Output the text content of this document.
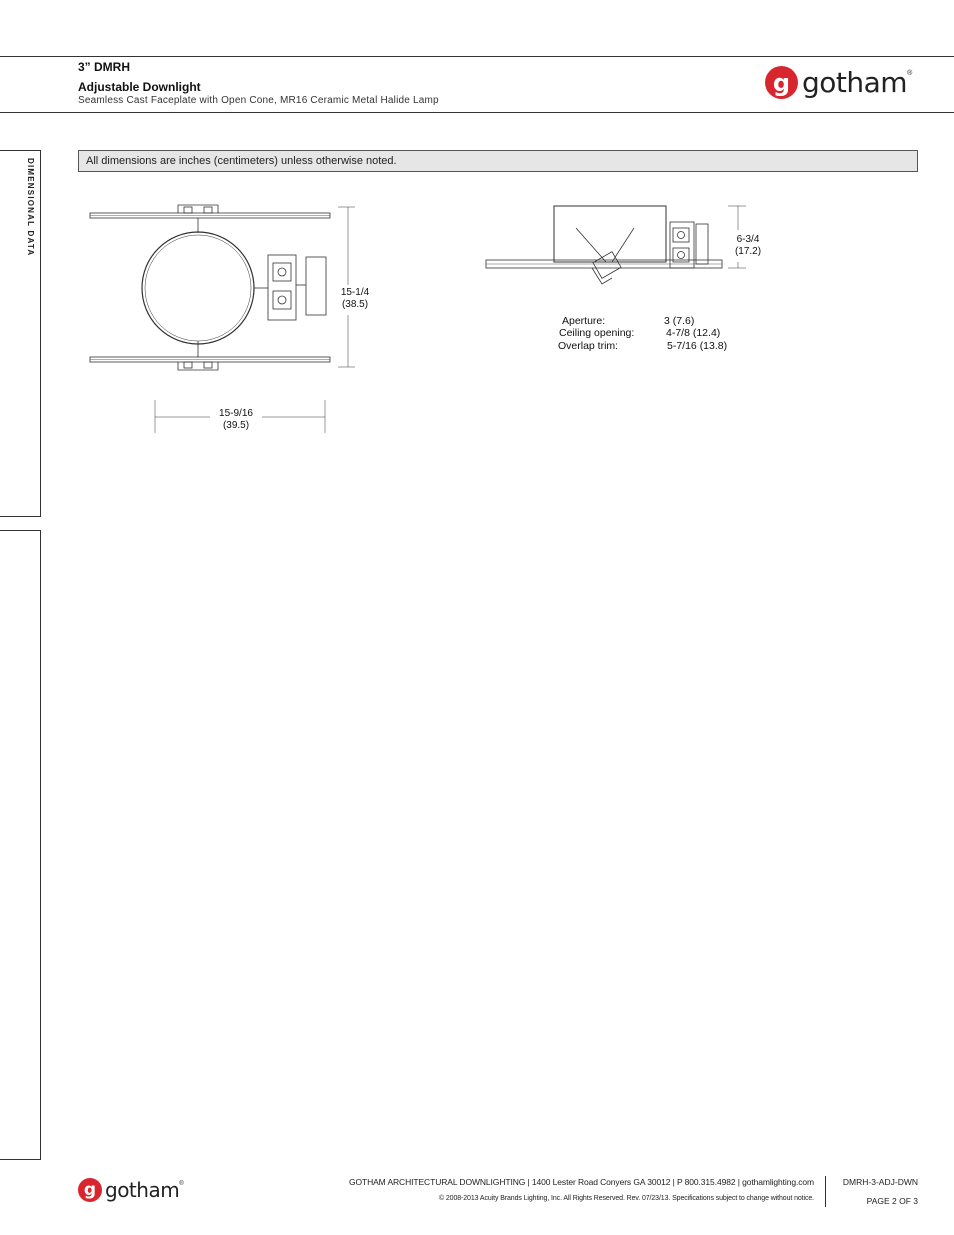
3” DMRH
Adjustable Downlight
Seamless Cast Faceplate with Open Cone, MR16 Ceramic Metal Halide Lamp
g gotham ®
DIMENSIONAL DATA	All dimensions are inches (centimeters) unless otherwise noted.
15-1/4
(38.5)
15-9/16
(39.5)
6-3/4
(17.2)
Aperture:	3 (7.6)
Ceiling opening:	4-7/8 (12.4)
Overlap trim:	5-7/16 (13.8)
g gotham ®	GOTHAM ARCHITECTURAL DOWNLIGHTING | 1400 Lester Road Conyers GA 30012 | P 800.315.4982 | gothamlighting.com
© 2008-2013 Acuity Brands Lighting, Inc. All Rights Reserved. Rev. 07/23/13. Specifications subject to change without notice.
DMRH-3-ADJ-DWN
PAGE 2 OF 3
